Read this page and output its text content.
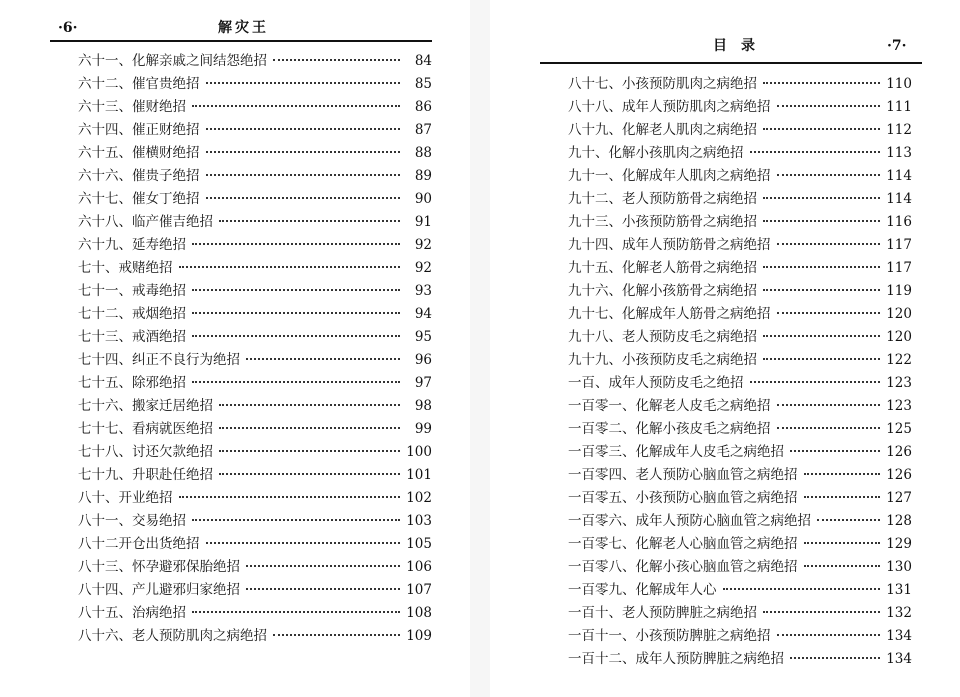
·6·	解灾王
六十一、化解亲戚之间结怨绝招	84
六十二、催官贵绝招	85
六十三、催财绝招	86
六十四、催正财绝招	87
六十五、催横财绝招	88
六十六、催贵子绝招	89
六十七、催女丁绝招	90
六十八、临产催吉绝招	91
六十九、延寿绝招	92
七十、戒赌绝招	92
七十一、戒毒绝招	93
七十二、戒烟绝招	94
七十三、戒酒绝招	95
七十四、纠正不良行为绝招	96
七十五、除邪绝招	97
七十六、搬家迁居绝招	98
七十七、看病就医绝招	99
七十八、讨还欠款绝招	100
七十九、升职赴任绝招	101
八十、开业绝招	102
八十一、交易绝招	103
八十二开仓出货绝招	105
八十三、怀孕避邪保胎绝招	106
八十四、产儿避邪归家绝招	107
八十五、治病绝招	108
八十六、老人预防肌肉之病绝招	109
目录	·7·
八十七、小孩预防肌肉之病绝招	110
八十八、成年人预防肌肉之病绝招	111
八十九、化解老人肌肉之病绝招	112
九十、化解小孩肌肉之病绝招	113
九十一、化解成年人肌肉之病绝招	114
九十二、老人预防筋骨之病绝招	114
九十三、小孩预防筋骨之病绝招	116
九十四、成年人预防筋骨之病绝招	117
九十五、化解老人筋骨之病绝招	117
九十六、化解小孩筋骨之病绝招	119
九十七、化解成年人筋骨之病绝招	120
九十八、老人预防皮毛之病绝招	120
九十九、小孩预防皮毛之病绝招	122
一百、成年人预防皮毛之绝招	123
一百零一、化解老人皮毛之病绝招	123
一百零二、化解小孩皮毛之病绝招	125
一百零三、化解成年人皮毛之病绝招	126
一百零四、老人预防心脑血管之病绝招	126
一百零五、小孩预防心脑血管之病绝招	127
一百零六、成年人预防心脑血管之病绝招	128
一百零七、化解老人心脑血管之病绝招	129
一百零八、化解小孩心脑血管之病绝招	130
一百零九、化解成年人心	131
一百十、老人预防脾脏之病绝招	132
一百十一、小孩预防脾脏之病绝招	134
一百十二、成年人预防脾脏之病绝招	134
